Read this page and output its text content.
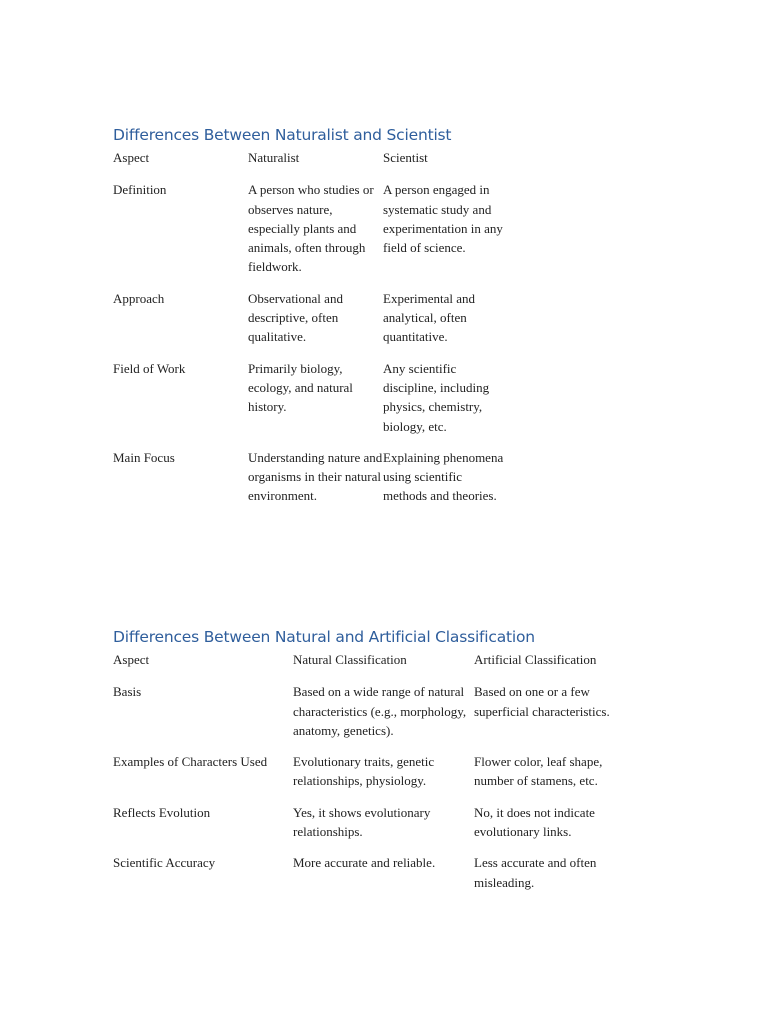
Differences Between Naturalist and Scientist
Aspect	Naturalist	Scientist
Definition	A person who studies or observes nature, especially plants and animals, often through fieldwork.	A person engaged in systematic study and experimentation in any field of science.
Approach	Observational and descriptive, often qualitative.	Experimental and analytical, often quantitative.
Field of Work	Primarily biology, ecology, and natural history.	Any scientific discipline, including physics, chemistry, biology, etc.
Main Focus	Understanding nature and organisms in their natural environment.	Explaining phenomena using scientific methods and theories.
Differences Between Natural and Artificial Classification
Aspect	Natural Classification	Artificial Classification
Basis	Based on a wide range of natural characteristics (e.g., morphology, anatomy, genetics).	Based on one or a few superficial characteristics.
Examples of Characters Used	Evolutionary traits, genetic relationships, physiology.	Flower color, leaf shape, number of stamens, etc.
Reflects Evolution	Yes, it shows evolutionary relationships.	No, it does not indicate evolutionary links.
Scientific Accuracy	More accurate and reliable.	Less accurate and often misleading.
